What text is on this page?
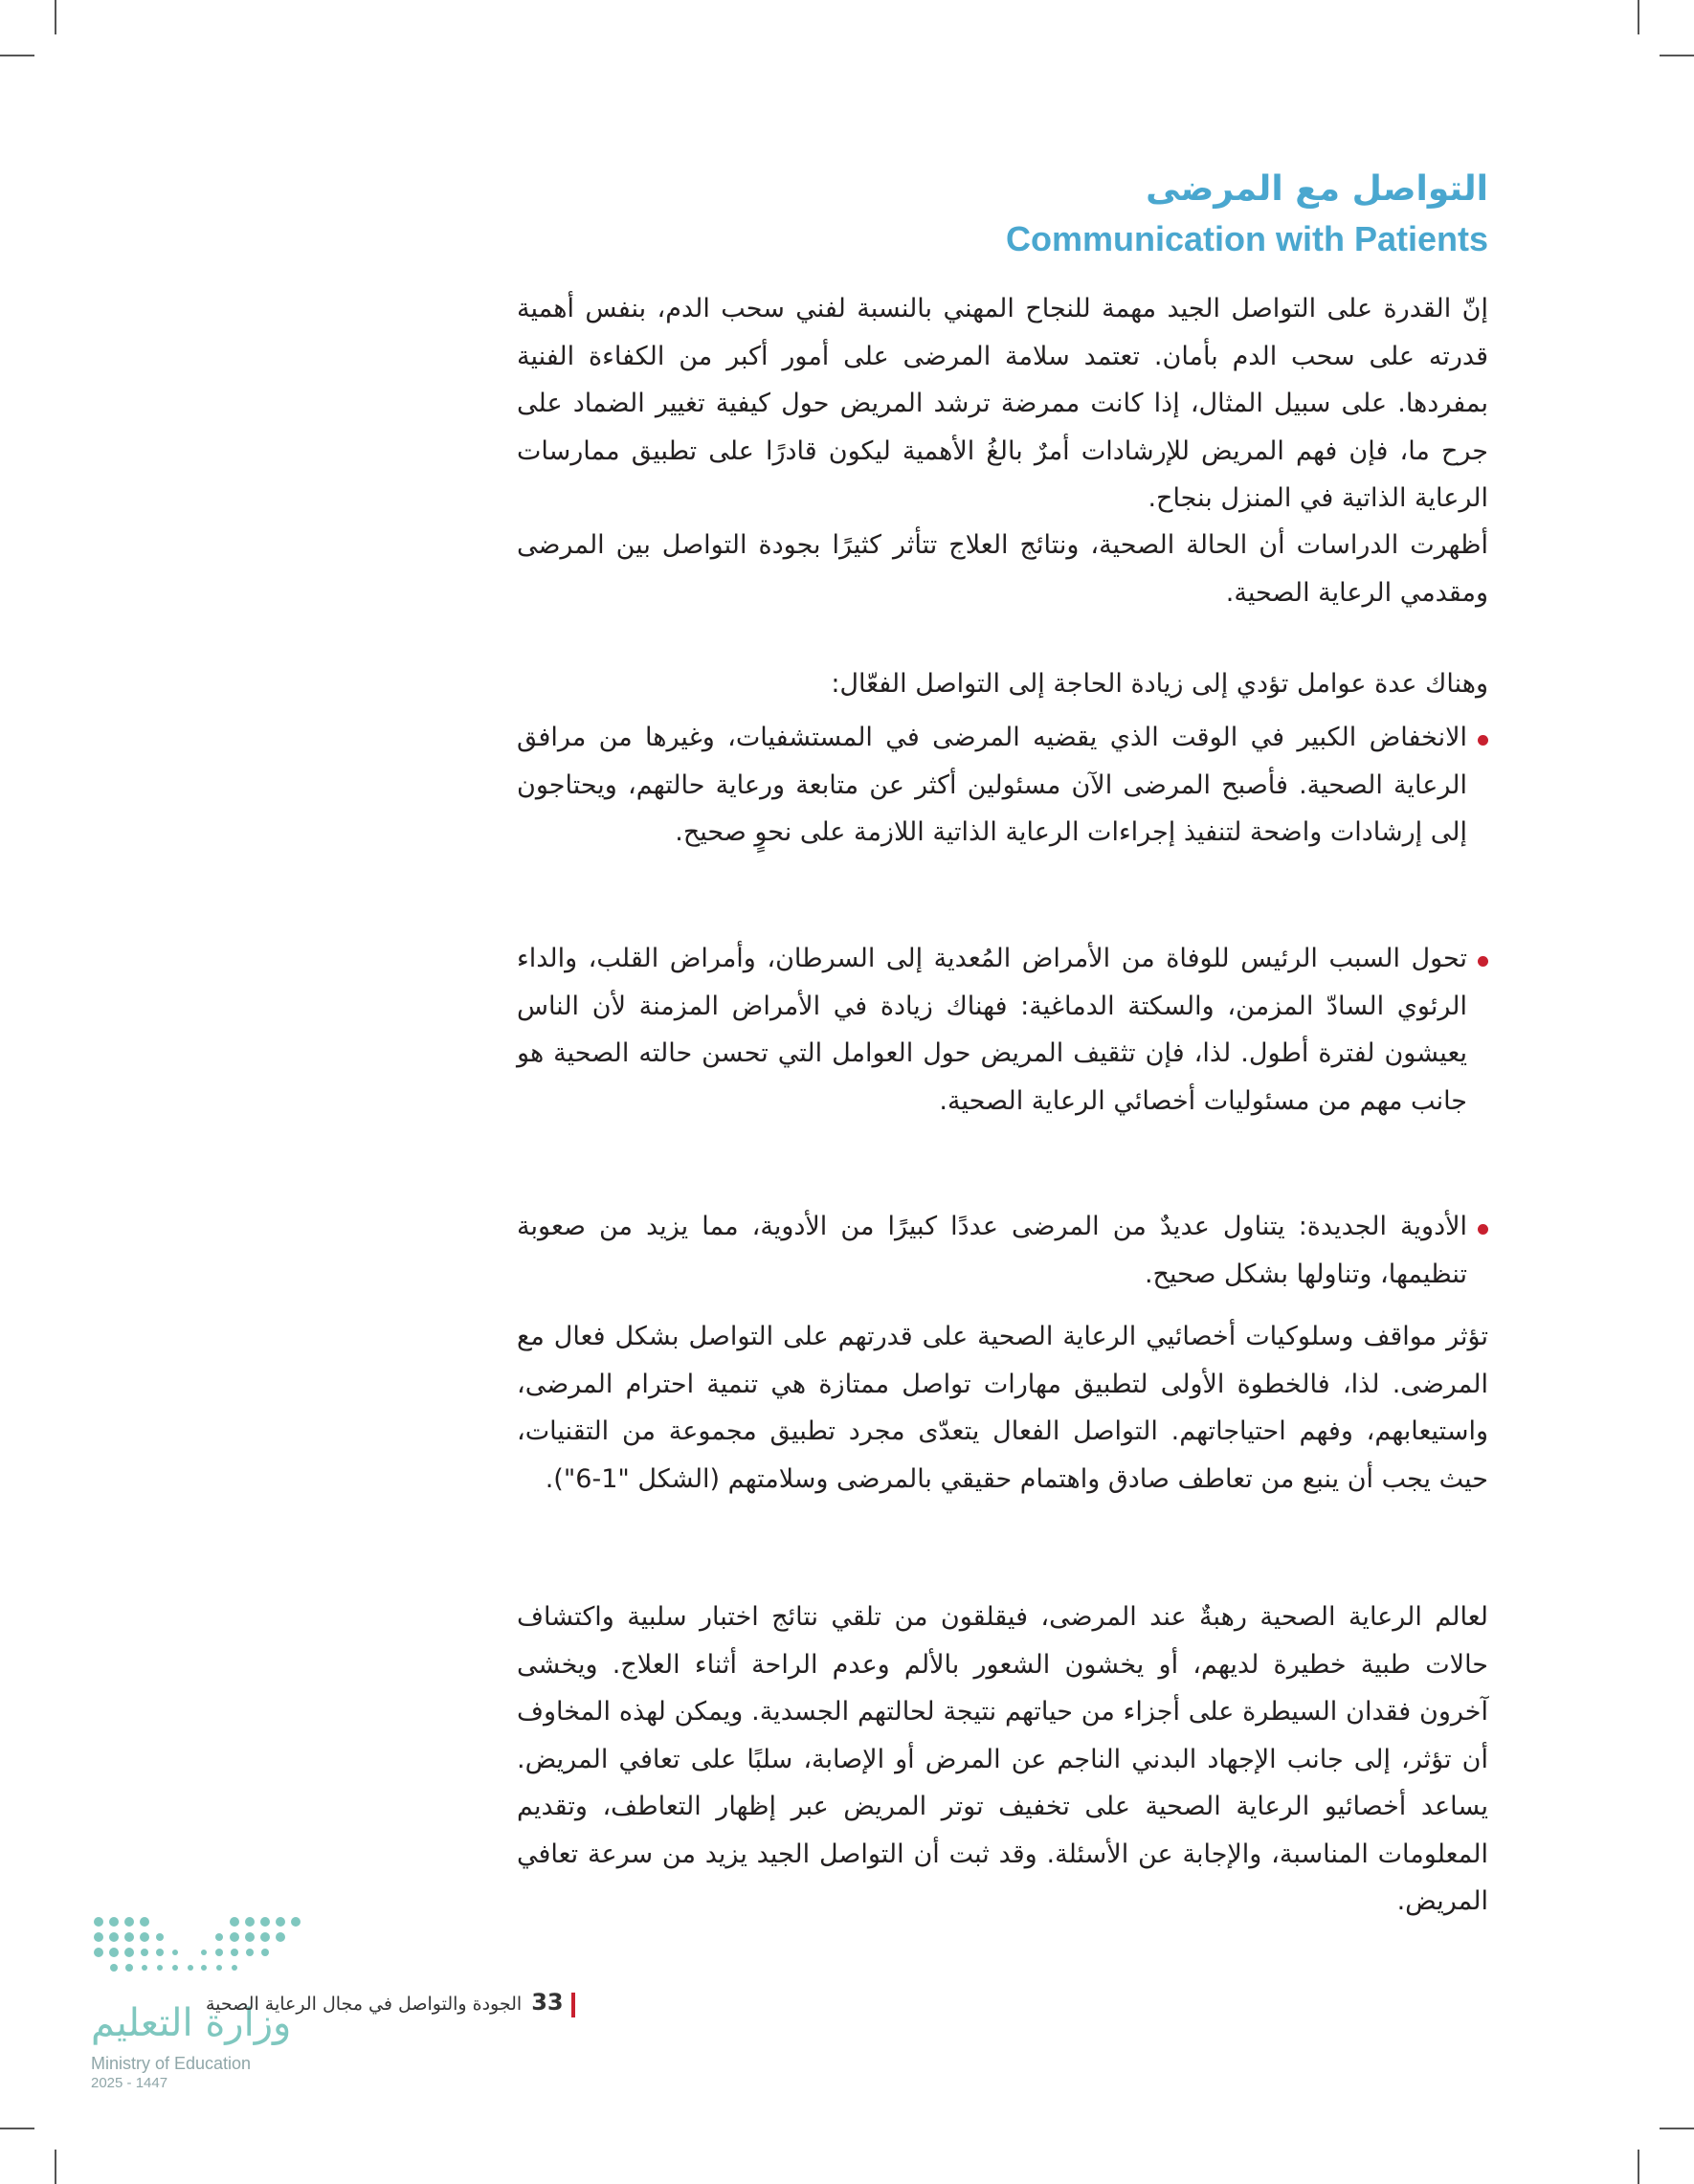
التواصل مع المرضى
Communication with Patients

إنّ القدرة على التواصل الجيد مهمة للنجاح المهني بالنسبة لفني سحب الدم، بنفس أهمية قدرته على سحب الدم بأمان. تعتمد سلامة المرضى على أمور أكبر من الكفاءة الفنية بمفردها. على سبيل المثال، إذا كانت ممرضة ترشد المريض حول كيفية تغيير الضماد على جرح ما، فإن فهم المريض للإرشادات أمرٌ بالغُ الأهمية ليكون قادرًا على تطبيق ممارسات الرعاية الذاتية في المنزل بنجاح.

أظهرت الدراسات أن الحالة الصحية، ونتائج العلاج تتأثر كثيرًا بجودة التواصل بين المرضى ومقدمي الرعاية الصحية.

وهناك عدة عوامل تؤدي إلى زيادة الحاجة إلى التواصل الفعّال:

الانخفاض الكبير في الوقت الذي يقضيه المرضى في المستشفيات، وغيرها من مرافق الرعاية الصحية. فأصبح المرضى الآن مسئولين أكثر عن متابعة ورعاية حالتهم، ويحتاجون إلى إرشادات واضحة لتنفيذ إجراءات الرعاية الذاتية اللازمة على نحوٍ صحيح.
تحول السبب الرئيس للوفاة من الأمراض المُعدية إلى السرطان، وأمراض القلب، والداء الرئوي السادّ المزمن، والسكتة الدماغية: فهناك زيادة في الأمراض المزمنة لأن الناس يعيشون لفترة أطول. لذا، فإن تثقيف المريض حول العوامل التي تحسن حالته الصحية هو جانب مهم من مسئوليات أخصائي الرعاية الصحية.
الأدوية الجديدة: يتناول عديدٌ من المرضى عددًا كبيرًا من الأدوية، مما يزيد من صعوبة تنظيمها، وتناولها بشكل صحيح.

تؤثر مواقف وسلوكيات أخصائيي الرعاية الصحية على قدرتهم على التواصل بشكل فعال مع المرضى. لذا، فالخطوة الأولى لتطبيق مهارات تواصل ممتازة هي تنمية احترام المرضى، واستيعابهم، وفهم احتياجاتهم. التواصل الفعال يتعدّى مجرد تطبيق مجموعة من التقنيات، حيث يجب أن ينبع من تعاطف صادق واهتمام حقيقي بالمرضى وسلامتهم (الشكل "1-6").

لعالم الرعاية الصحية رهبةٌ عند المرضى، فيقلقون من تلقي نتائج اختبار سلبية واكتشاف حالات طبية خطيرة لديهم، أو يخشون الشعور بالألم وعدم الراحة أثناء العلاج. ويخشى آخرون فقدان السيطرة على أجزاء من حياتهم نتيجة لحالتهم الجسدية. ويمكن لهذه المخاوف أن تؤثر، إلى جانب الإجهاد البدني الناجم عن المرض أو الإصابة، سلبًا على تعافي المريض. يساعد أخصائيو الرعاية الصحية على تخفيف توتر المريض عبر إظهار التعاطف، وتقديم المعلومات المناسبة، والإجابة عن الأسئلة. وقد ثبت أن التواصل الجيد يزيد من سرعة تعافي المريض.

وزارة التعليم

Ministry of Education

2025 - 1447

33الجودة والتواصل في مجال الرعاية الصحية
